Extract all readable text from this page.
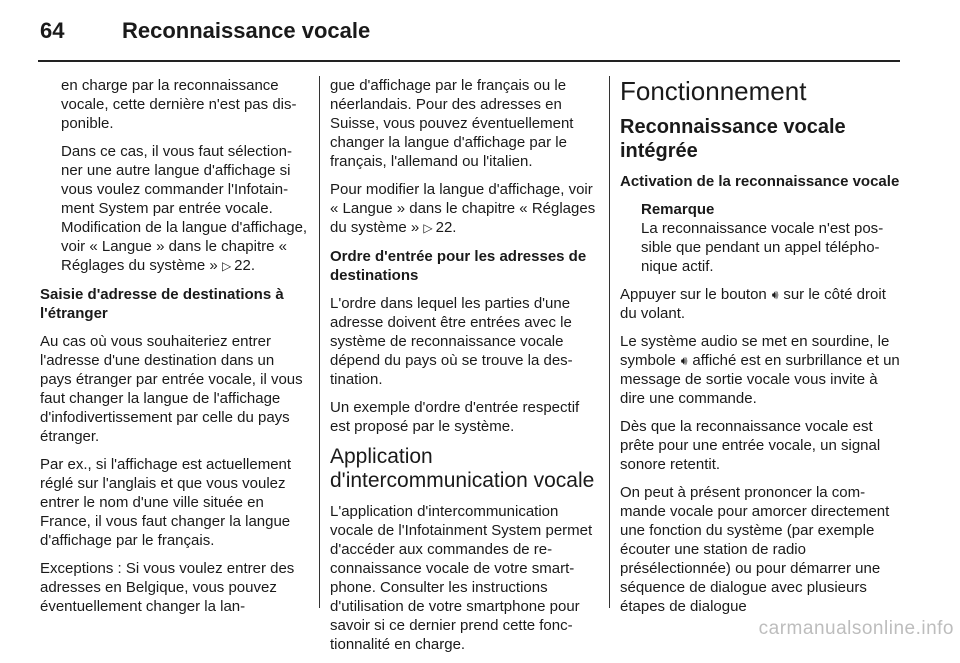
64	Reconnaissance vocale

en charge par la reconnaissance vocale, cette dernière n'est pas disponible.

Dans ce cas, il vous faut sélectionner une autre langue d'affichage si vous voulez commander l'Infotainment System par entrée vocale. Modification de la langue d'affichage, voir « Langue » dans le chapitre « Réglages du système » ▷ 22.

Saisie d'adresse de destinations à l'étranger

Au cas où vous souhaiteriez entrer l'adresse d'une destination dans un pays étranger par entrée vocale, il vous faut changer la langue de l'affichage d'infodivertissement par celle du pays étranger.

Par ex., si l'affichage est actuellement réglé sur l'anglais et que vous voulez entrer le nom d'une ville située en France, il vous faut changer la langue d'affichage par le français.

Exceptions : Si vous voulez entrer des adresses en Belgique, vous pouvez éventuellement changer la lan-

gue d'affichage par le français ou le néerlandais. Pour des adresses en Suisse, vous pouvez éventuellement changer la langue d'affichage par le français, l'allemand ou l'italien.

Pour modifier la langue d'affichage, voir « Langue » dans le chapitre « Réglages du système » ▷ 22.

Ordre d'entrée pour les adresses de destinations

L'ordre dans lequel les parties d'une adresse doivent être entrées avec le système de reconnaissance vocale dépend du pays où se trouve la destination.

Un exemple d'ordre d'entrée respectif est proposé par le système.

Application d'intercommunication vocale

L'application d'intercommunication vocale de l'Infotainment System permet d'accéder aux commandes de reconnaissance vocale de votre smartphone. Consulter les instructions d'utilisation de votre smartphone pour savoir si ce dernier prend cette fonctionnalité en charge.

Fonctionnement

Reconnaissance vocale intégrée

Activation de la reconnaissance vocale

Remarque
La reconnaissance vocale n'est possible que pendant un appel téléphonique actif.

Appuyer sur le bouton 🔊︎ sur le côté droit du volant.

Le système audio se met en sourdine, le symbole 🔊︎ affiché est en surbrillance et un message de sortie vocale vous invite à dire une commande.

Dès que la reconnaissance vocale est prête pour une entrée vocale, un signal sonore retentit.

On peut à présent prononcer la commande vocale pour amorcer directement une fonction du système (par exemple écouter une station de radio présélectionnée) ou pour démarrer une séquence de dialogue avec plusieurs étapes de dialogue

carmanualsonline.info
